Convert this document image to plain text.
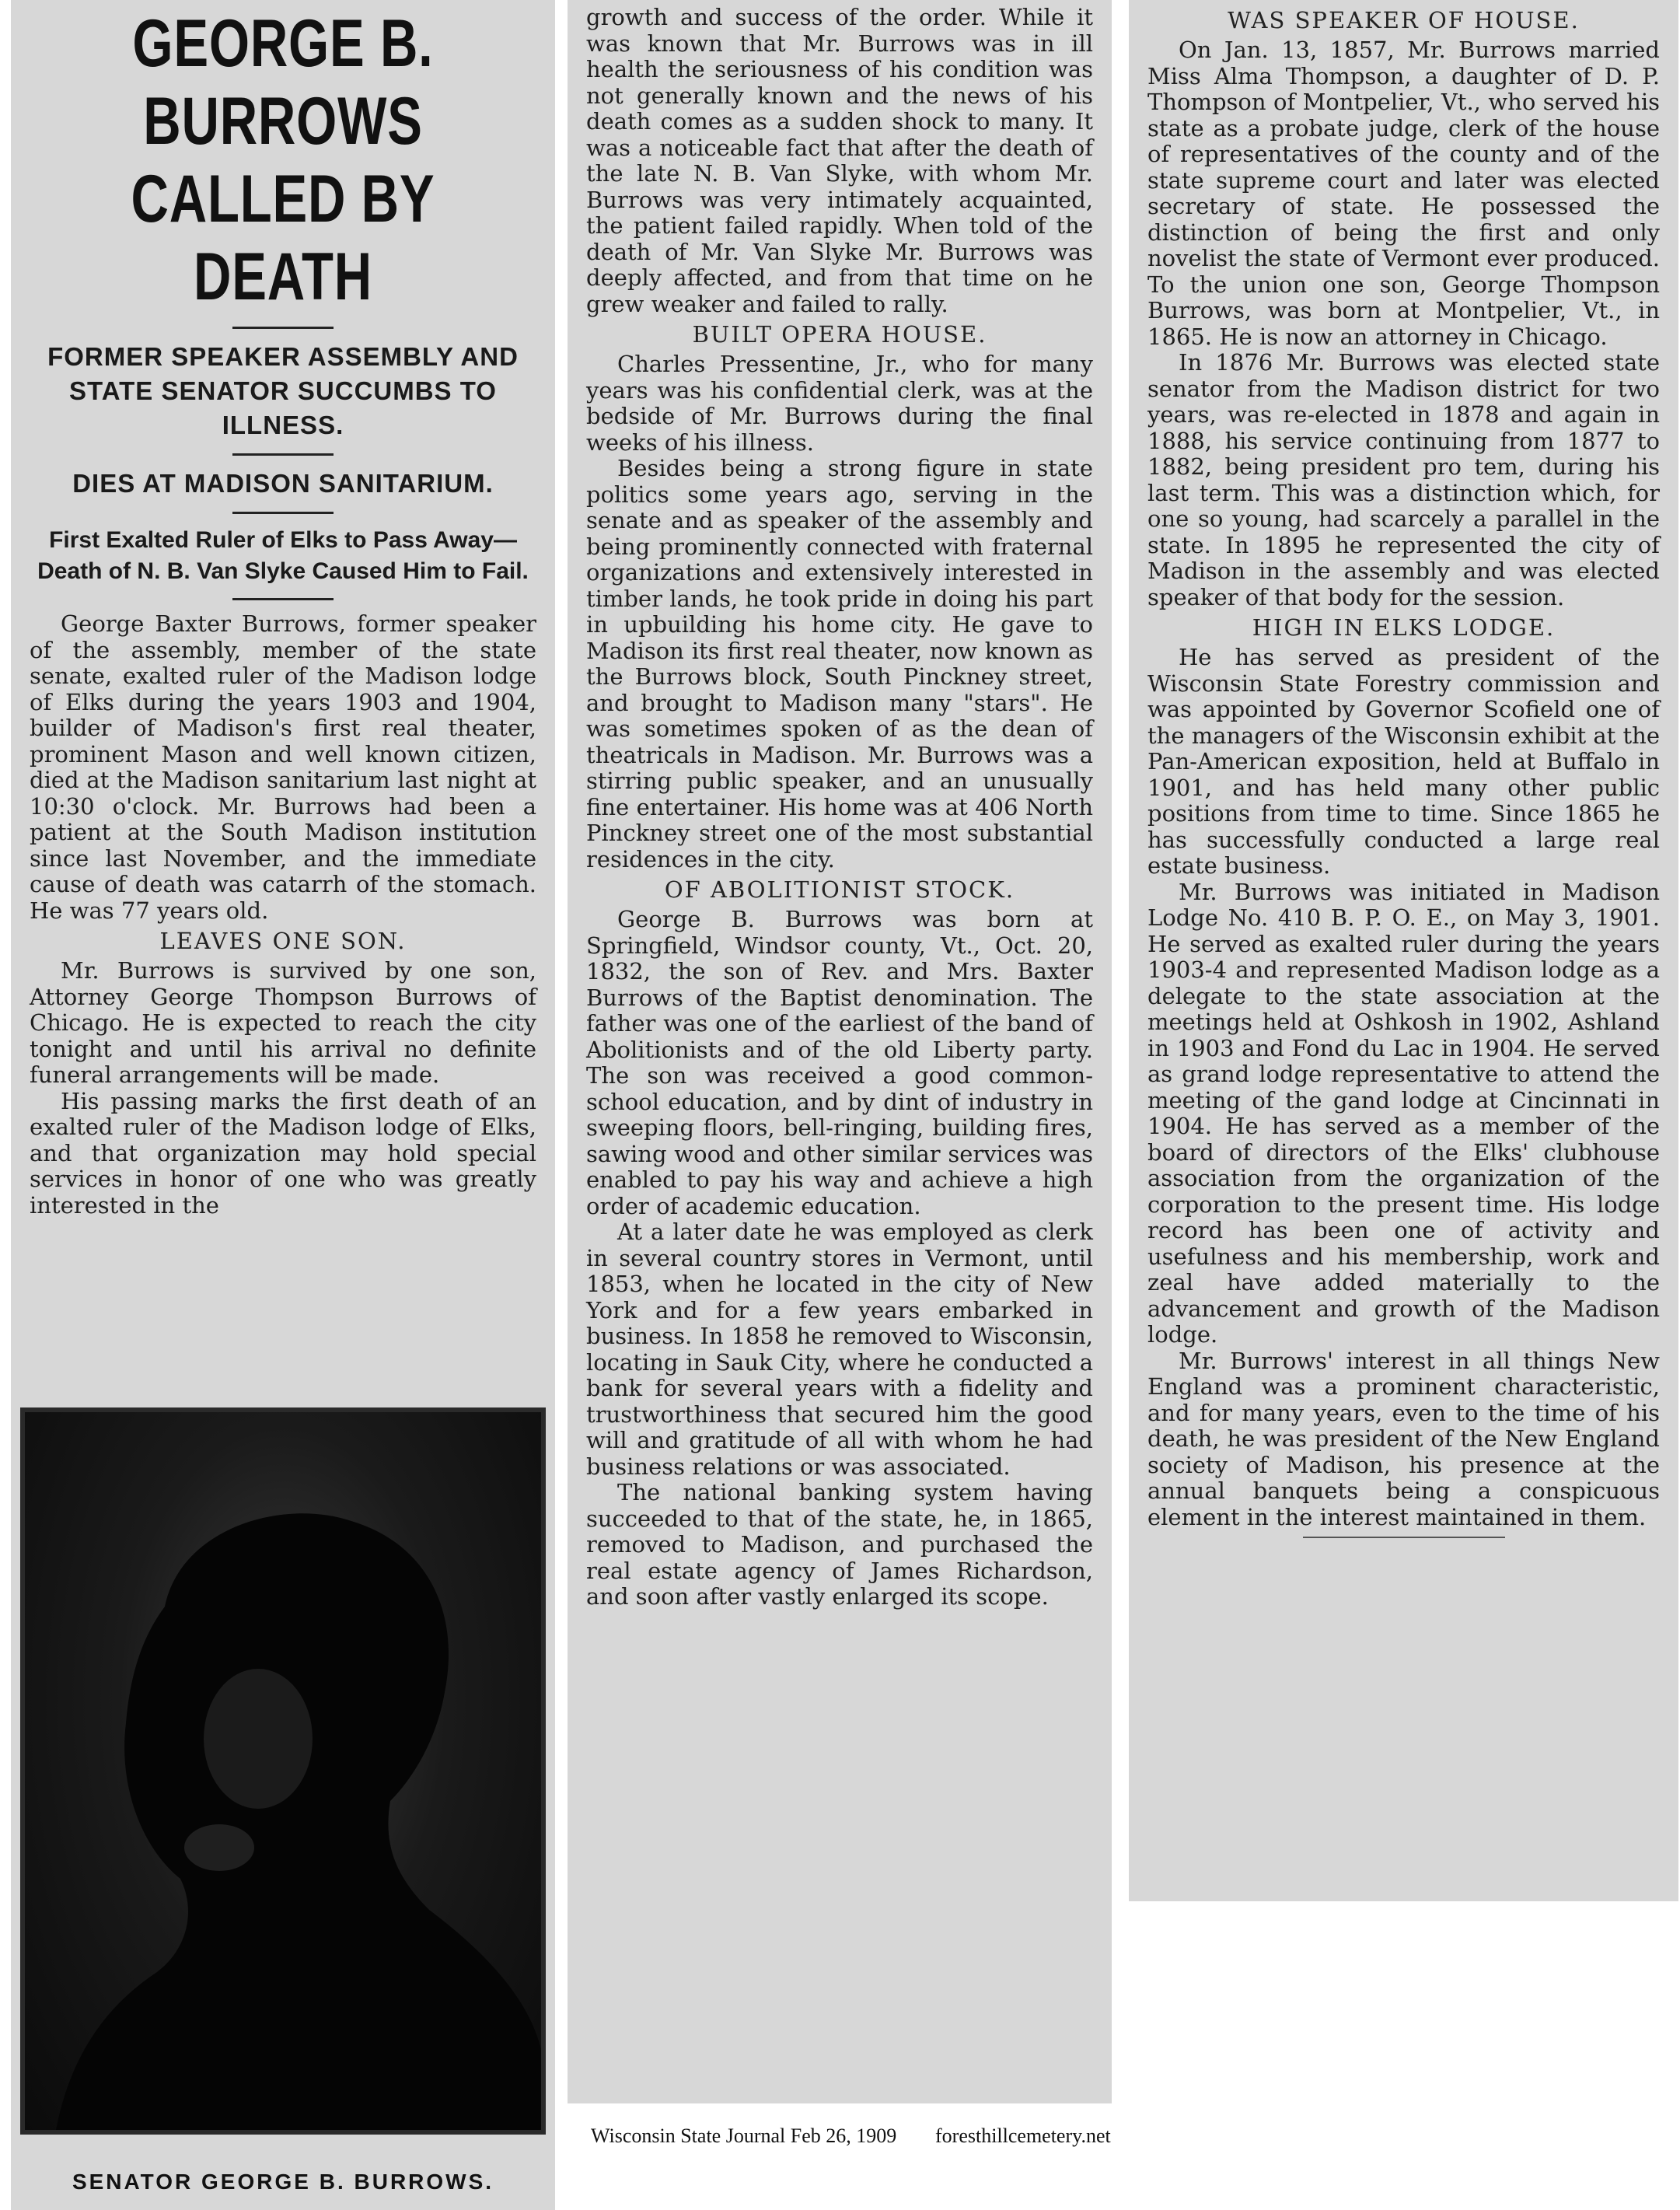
GEORGE B. BURROWS
CALLED BY DEATH
FORMER SPEAKER ASSEMBLY AND STATE SENATOR SUCCUMBS TO ILLNESS.
DIES AT MADISON SANITARIUM.
First Exalted Ruler of Elks to Pass Away—Death of N. B. Van Slyke Caused Him to Fail.

George Baxter Burrows, former speaker of the assembly, member of the state senate, exalted ruler of the Madison lodge of Elks during the years 1903 and 1904, builder of Madison's first real theater, prominent Mason and well known citizen, died at the Madison sanitarium last night at 10:30 o'clock. Mr. Burrows had been a patient at the South Madison institution since last November, and the immediate cause of death was catarrh of the stomach. He was 77 years old.

LEAVES ONE SON.

Mr. Burrows is survived by one son, Attorney George Thompson Burrows of Chicago. He is expected to reach the city tonight and until his arrival no definite funeral arrangements will be made.

His passing marks the first death of an exalted ruler of the Madison lodge of Elks, and that organization may hold special services in honor of one who was greatly interested in the

SENATOR GEORGE B. BURROWS.

growth and success of the order. While it was known that Mr. Burrows was in ill health the seriousness of his condition was not generally known and the news of his death comes as a sudden shock to many. It was a noticeable fact that after the death of the late N. B. Van Slyke, with whom Mr. Burrows was very intimately acquainted, the patient failed rapidly. When told of the death of Mr. Van Slyke Mr. Burrows was deeply affected, and from that time on he grew weaker and failed to rally.

BUILT OPERA HOUSE.

Charles Pressentine, Jr., who for many years was his confidential clerk, was at the bedside of Mr. Burrows during the final weeks of his illness.

Besides being a strong figure in state politics some years ago, serving in the senate and as speaker of the assembly and being prominently connected with fraternal organizations and extensively interested in timber lands, he took pride in doing his part in upbuilding his home city. He gave to Madison its first real theater, now known as the Burrows block, South Pinckney street, and brought to Madison many "stars". He was sometimes spoken of as the dean of theatricals in Madison. Mr. Burrows was a stirring public speaker, and an unusually fine entertainer. His home was at 406 North Pinckney street one of the most substantial residences in the city.

OF ABOLITIONIST STOCK.

George B. Burrows was born at Springfield, Windsor county, Vt., Oct. 20, 1832, the son of Rev. and Mrs. Baxter Burrows of the Baptist denomination. The father was one of the earliest of the band of Abolitionists and of the old Liberty party. The son was received a good common-school education, and by dint of industry in sweeping floors, bell-ringing, building fires, sawing wood and other similar services was enabled to pay his way and achieve a high order of academic education.

At a later date he was employed as clerk in several country stores in Vermont, until 1853, when he located in the city of New York and for a few years embarked in business. In 1858 he removed to Wisconsin, locating in Sauk City, where he conducted a bank for several years with a fidelity and trustworthiness that secured him the good will and gratitude of all with whom he had business relations or was associated.

The national banking system having succeeded to that of the state, he, in 1865, removed to Madison, and purchased the real estate agency of James Richardson, and soon after vastly enlarged its scope.

WAS SPEAKER OF HOUSE.

On Jan. 13, 1857, Mr. Burrows married Miss Alma Thompson, a daughter of D. P. Thompson of Montpelier, Vt., who served his state as a probate judge, clerk of the house of representatives of the county and of the state supreme court and later was elected secretary of state. He possessed the distinction of being the first and only novelist the state of Vermont ever produced. To the union one son, George Thompson Burrows, was born at Montpelier, Vt., in 1865. He is now an attorney in Chicago.

In 1876 Mr. Burrows was elected state senator from the Madison district for two years, was re-elected in 1878 and again in 1888, his service continuing from 1877 to 1882, being president pro tem, during his last term. This was a distinction which, for one so young, had scarcely a parallel in the state. In 1895 he represented the city of Madison in the assembly and was elected speaker of that body for the session.

HIGH IN ELKS LODGE.

He has served as president of the Wisconsin State Forestry commission and was appointed by Governor Scofield one of the managers of the Wisconsin exhibit at the Pan-American exposition, held at Buffalo in 1901, and has held many other public positions from time to time. Since 1865 he has successfully conducted a large real estate business.

Mr. Burrows was initiated in Madison Lodge No. 410 B. P. O. E., on May 3, 1901. He served as exalted ruler during the years 1903-4 and represented Madison lodge as a delegate to the state association at the meetings held at Oshkosh in 1902, Ashland in 1903 and Fond du Lac in 1904. He served as grand lodge representative to attend the meeting of the gand lodge at Cincinnati in 1904. He has served as a member of the board of directors of the Elks' clubhouse association from the organization of the corporation to the present time. His lodge record has been one of activity and usefulness and his membership, work and zeal have added materially to the advancement and growth of the Madison lodge.

Mr. Burrows' interest in all things New England was a prominent characteristic, and for many years, even to the time of his death, he was president of the New England society of Madison, his presence at the annual banquets being a conspicuous element in the interest maintained in them.

Wisconsin State Journal Feb 26, 1909 foresthillcemetery.net
